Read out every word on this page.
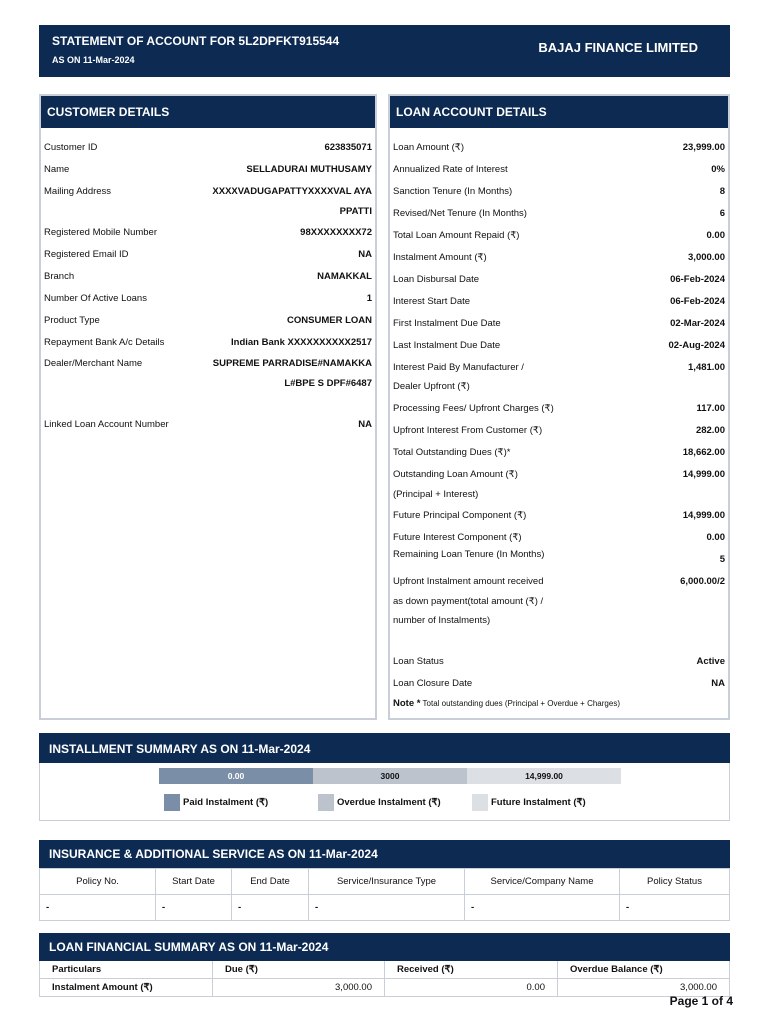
STATEMENT OF ACCOUNT FOR 5L2DPFKT915544
AS ON 11-Mar-2024
BAJAJ FINANCE LIMITED
CUSTOMER DETAILS
Customer ID	623835071
Name	SELLADURAI MUTHUSAMY
Mailing Address	XXXXVADUGAPATTYXXXXVAL AYAPPATTI
Registered Mobile Number	98XXXXXXXX72
Registered Email ID	NA
Branch	NAMAKKAL
Number Of Active Loans	1
Product Type	CONSUMER LOAN
Repayment Bank A/c Details	Indian Bank XXXXXXXXXX2517
Dealer/Merchant Name	SUPREME PARRADISE#NAMAKKAL#BPE S DPF#6487
Linked Loan Account Number	NA
LOAN ACCOUNT DETAILS
Loan Amount (₹)	23,999.00
Annualized Rate of Interest	0%
Sanction Tenure (In Months)	8
Revised/Net Tenure (In Months)	6
Total Loan Amount Repaid (₹)	0.00
Instalment Amount (₹)	3,000.00
Loan Disbursal Date	06-Feb-2024
Interest Start Date	06-Feb-2024
First Instalment Due Date	02-Mar-2024
Last Instalment Due Date	02-Aug-2024
Interest Paid By Manufacturer / Dealer Upfront (₹)
1,481.00
Processing Fees/ Upfront Charges (₹)	117.00
Upfront Interest From Customer (₹)	282.00
Total Outstanding Dues (₹)*	18,662.00
Outstanding Loan Amount (₹) (Principal + Interest)
14,999.00
Future Principal Component (₹)	14,999.00
Future Interest Component (₹)	0.00
Remaining Loan Tenure (In Months)	5
Upfront Instalment amount received as down payment(total amount (₹) / number of Instalments)
6,000.00/2
Loan Status	Active
Loan Closure Date	NA
Note * Total outstanding dues (Principal + Overdue + Charges)
INSTALLMENT SUMMARY AS ON 11-Mar-2024
0.00	3000	14,999.00
Paid Instalment (₹)	Overdue Instalment (₹)	Future Instalment (₹)
INSURANCE & ADDITIONAL SERVICE AS ON 11-Mar-2024
Policy No.	Start Date	End Date	Service/Insurance Type	Service/Company Name	Policy Status
-	-	-	-	-	-
LOAN FINANCIAL SUMMARY AS ON 11-Mar-2024
Particulars	Due (₹)	Received (₹)	Overdue Balance (₹)
Instalment Amount (₹)	3,000.00	0.00	3,000.00
Page 1 of 4
